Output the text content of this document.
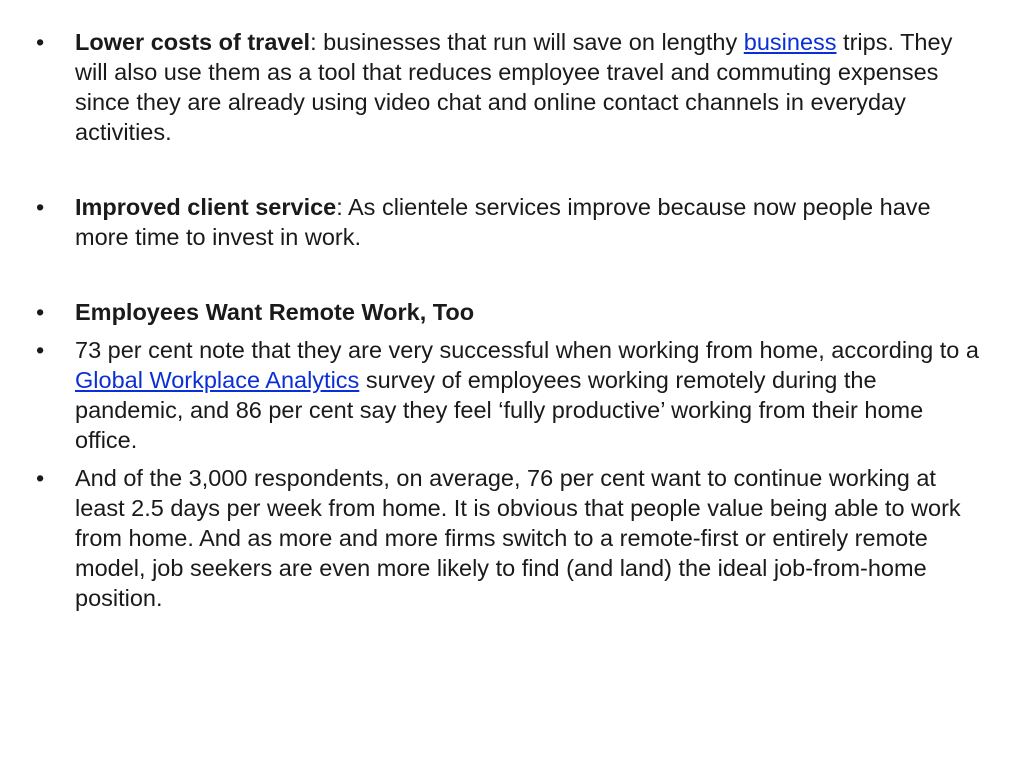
•	Lower costs of travel: businesses that run will save on lengthy business trips. They will also use them as a tool that reduces employee travel and commuting expenses since they are already using video chat and online contact channels in everyday activities.
•	Improved client service: As clientele services improve because now people have more time to invest in work.
•	Employees Want Remote Work, Too
•	73 per cent note that they are very successful when working from home, according to a Global Workplace Analytics survey of employees working remotely during the pandemic, and 86 per cent say they feel ‘fully productive’ working from their home office.
•	And of the 3,000 respondents, on average, 76 per cent want to continue working at least 2.5 days per week from home. It is obvious that people value being able to work from home. And as more and more firms switch to a remote-first or entirely remote model, job seekers are even more likely to find (and land) the ideal job-from-home position.
